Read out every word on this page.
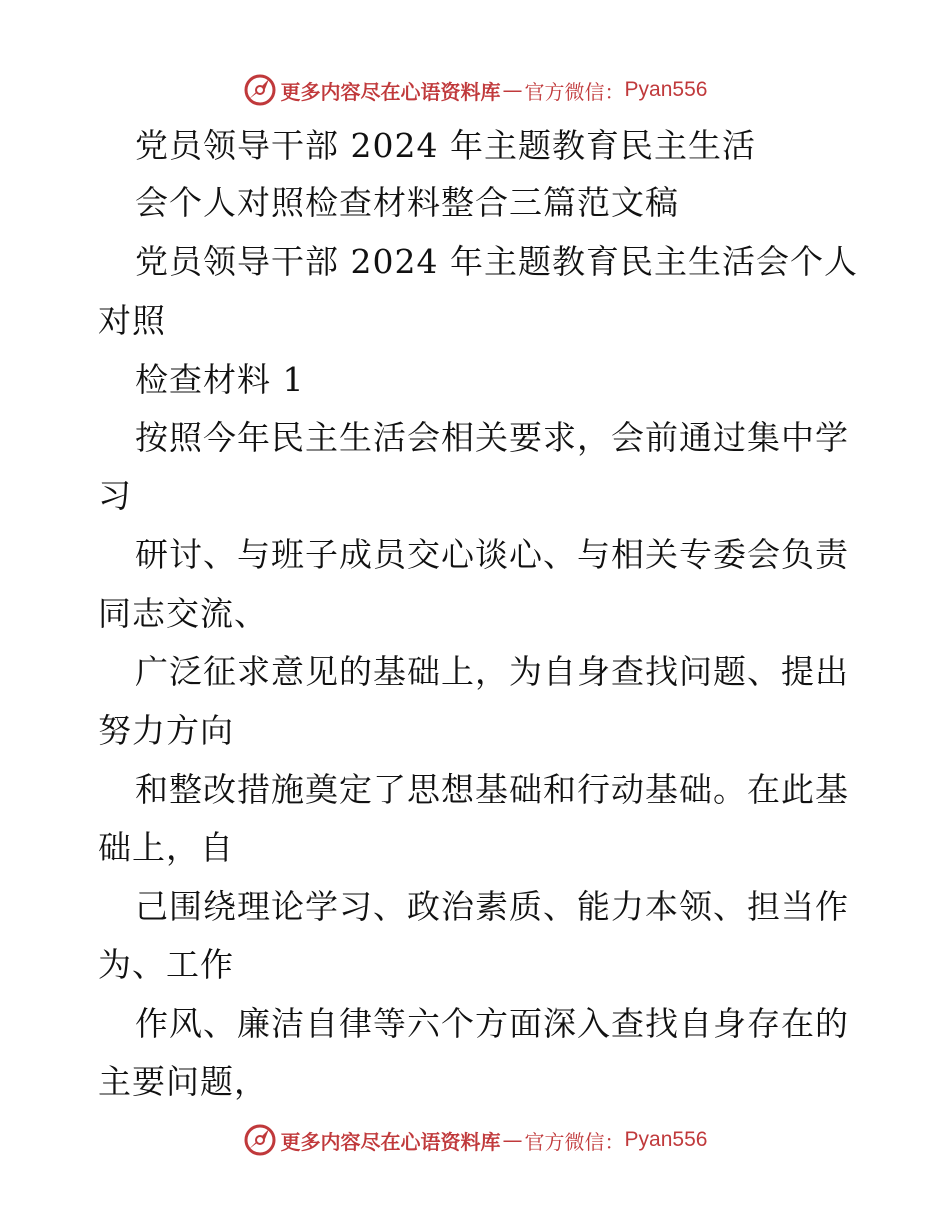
更多内容尽在心语资料库 — 官方微信： Pyan556
党员领导干部 2024 年主题教育民主生活
会个人对照检查材料整合三篇范文稿
党员领导干部 2024 年主题教育民主生活会个人
对照
检查材料 1
按照今年民主生活会相关要求，会前通过集中学
习
研讨、与班子成员交心谈心、与相关专委会负责
同志交流、
广泛征求意见的基础上，为自身查找问题、提出
努力方向
和整改措施奠定了思想基础和行动基础。在此基
础上，自
己围绕理论学习、政治素质、能力本领、担当作
为、工作
作风、廉洁自律等六个方面深入查找自身存在的
主要问题，
更多内容尽在心语资料库 — 官方微信： Pyan556
